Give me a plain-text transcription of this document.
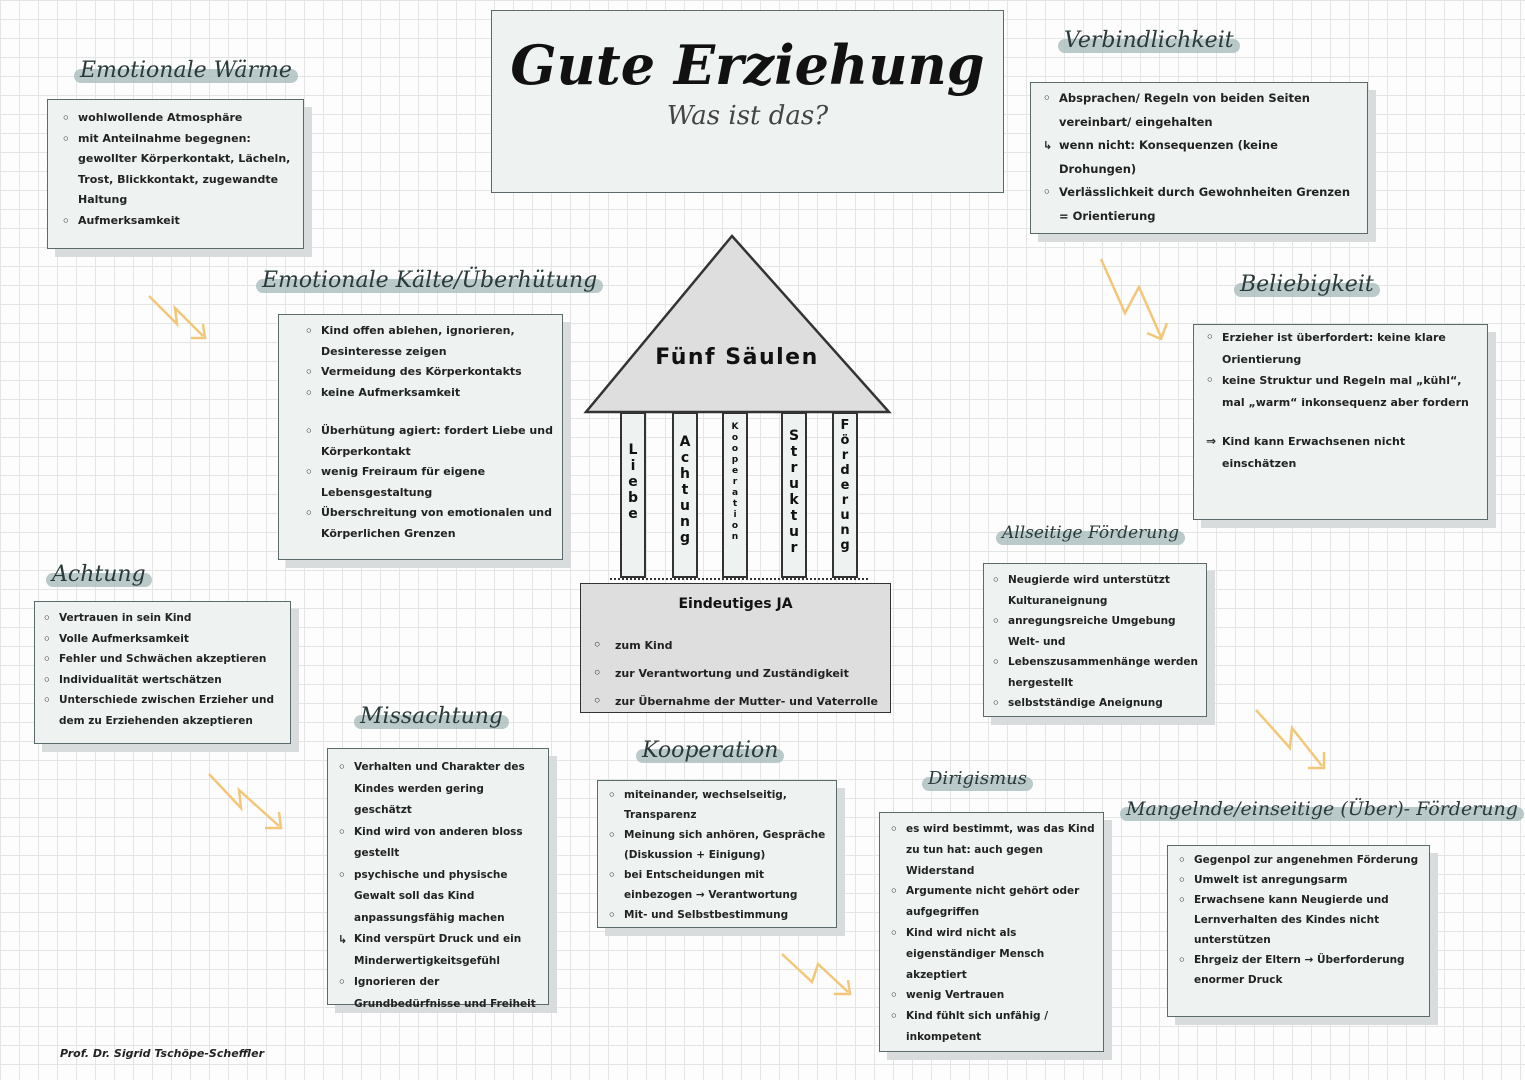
Gute Erziehung
Was ist das?
Fünf Säulen
Liebe	Achtung	Kooperation	Struktur	Förderung
Eindeutiges JA
◦ zum Kind
◦ zur Verantwortung und Zuständigkeit
◦ zur Übernahme der Mutter- und Vaterrolle
Emotionale Wärme
◦ wohlwollende Atmosphäre
◦ mit Anteilnahme begegnen: gewollter Körperkontakt, Lächeln, Trost, Blickkontakt, zugewandte Haltung
◦ Aufmerksamkeit
Emotionale Kälte/Überhütung
◦ Kind offen ablehen, ignorieren, Desinteresse zeigen
◦ Vermeidung des Körperkontakts
◦ keine Aufmerksamkeit
◦ Überhütung agiert: fordert Liebe und Körperkontakt
◦ wenig Freiraum für eigene Lebensgestaltung
◦ Überschreitung von emotionalen und Körperlichen Grenzen
Achtung
◦ Vertrauen in sein Kind
◦ Volle Aufmerksamkeit
◦ Fehler und Schwächen akzeptieren
◦ Individualität wertschätzen
◦ Unterschiede zwischen Erzieher und dem zu Erziehenden akzeptieren	Missachtung
◦ Verhalten und Charakter des Kindes werden gering geschätzt
◦ Kind wird von anderen bloss gestellt
◦ psychische und physische Gewalt soll das Kind anpassungsfähig machen
↳ Kind verspürt Druck und ein Minderwertigkeitsgefühl
◦ Ignorieren der Grundbedürfnisse und Freiheit
Kooperation
◦ miteinander, wechselseitig, Transparenz
◦ Meinung sich anhören, Gespräche (Diskussion + Einigung)
◦ bei Entscheidungen mit einbezogen → Verantwortung
◦ Mit- und Selbstbestimmung
Dirigismus
◦ es wird bestimmt, was das Kind zu tun hat: auch gegen Widerstand
◦ Argumente nicht gehört oder aufgegriffen
◦ Kind wird nicht als eigenständiger Mensch akzeptiert
◦ wenig Vertrauen
◦ Kind fühlt sich unfähig / inkompetent
Verbindlichkeit
◦ Absprachen/ Regeln von beiden Seiten vereinbart/ eingehalten
↳ wenn nicht: Konsequenzen (keine Drohungen)
◦ Verlässlichkeit durch Gewohnheiten Grenzen = Orientierung
Beliebigkeit
◦ Erzieher ist überfordert: keine klare Orientierung
◦ keine Struktur und Regeln mal „kühl“, mal „warm“ inkonsequenz aber fordern
⇒ Kind kann Erwachsenen nicht einschätzen
Allseitige Förderung
◦ Neugierde wird unterstützt Kulturaneignung
◦ anregungsreiche Umgebung Welt- und
◦ Lebenszusammenhänge werden hergestellt
◦ selbstständige Aneignung
Mangelnde/einseitige (Über)- Förderung
◦ Gegenpol zur angenehmen Förderung
◦ Umwelt ist anregungsarm
◦ Erwachsene kann Neugierde und Lernverhalten des Kindes nicht unterstützen
◦ Ehrgeiz der Eltern → Überforderung enormer Druck
Prof. Dr. Sigrid Tschöpe-Scheffler
